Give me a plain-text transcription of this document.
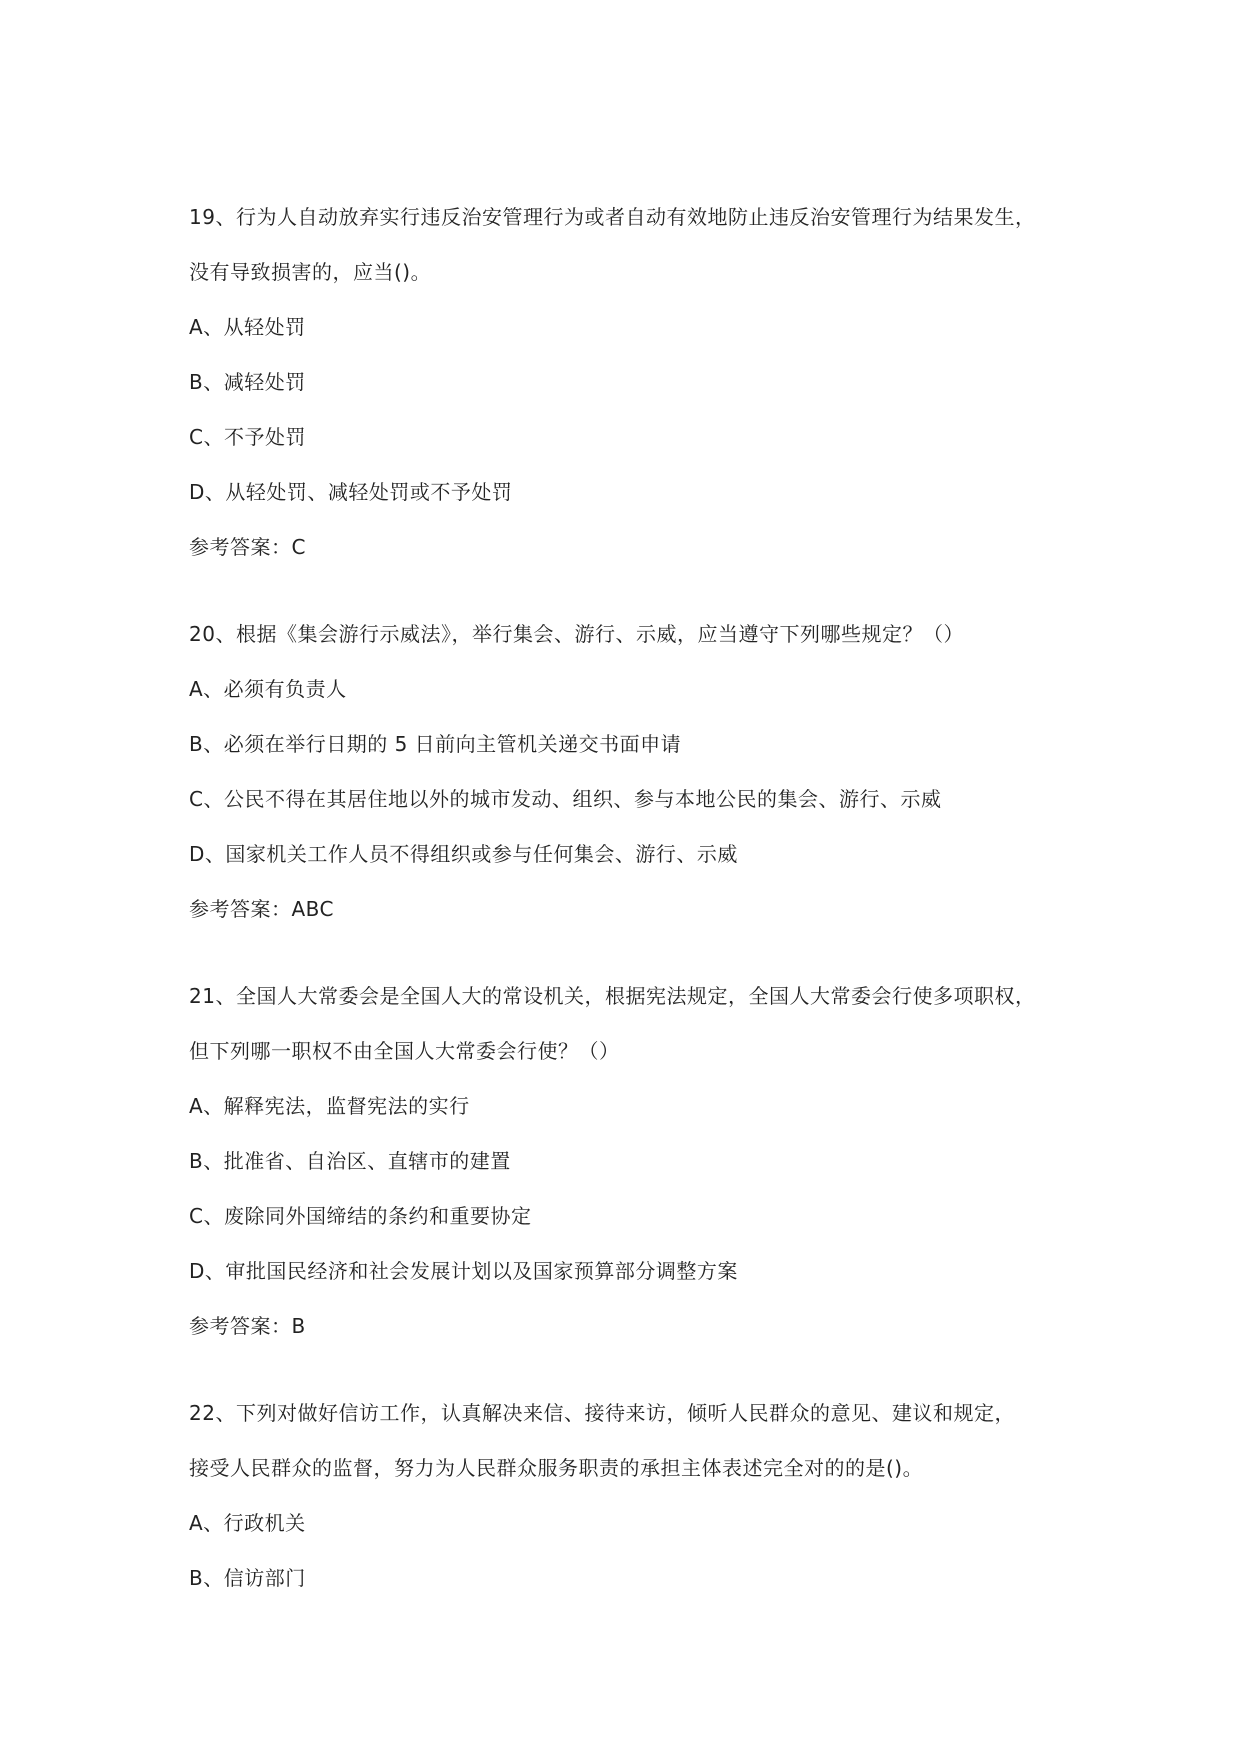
19、行为人自动放弃实行违反治安管理行为或者自动有效地防止违反治安管理行为结果发生，

没有导致损害的，应当()。

A、从轻处罚

B、减轻处罚

C、不予处罚

D、从轻处罚、减轻处罚或不予处罚

参考答案：C

20、根据《集会游行示威法》，举行集会、游行、示威，应当遵守下列哪些规定？（）

A、必须有负责人

B、必须在举行日期的 5 日前向主管机关递交书面申请

C、公民不得在其居住地以外的城市发动、组织、参与本地公民的集会、游行、示威

D、国家机关工作人员不得组织或参与任何集会、游行、示威

参考答案：ABC

21、全国人大常委会是全国人大的常设机关，根据宪法规定，全国人大常委会行使多项职权，

但下列哪一职权不由全国人大常委会行使？（）

A、解释宪法，监督宪法的实行

B、批准省、自治区、直辖市的建置

C、废除同外国缔结的条约和重要协定

D、审批国民经济和社会发展计划以及国家预算部分调整方案

参考答案：B

22、下列对做好信访工作，认真解决来信、接待来访，倾听人民群众的意见、建议和规定，

接受人民群众的监督，努力为人民群众服务职责的承担主体表述完全对的的是()。

A、行政机关

B、信访部门
